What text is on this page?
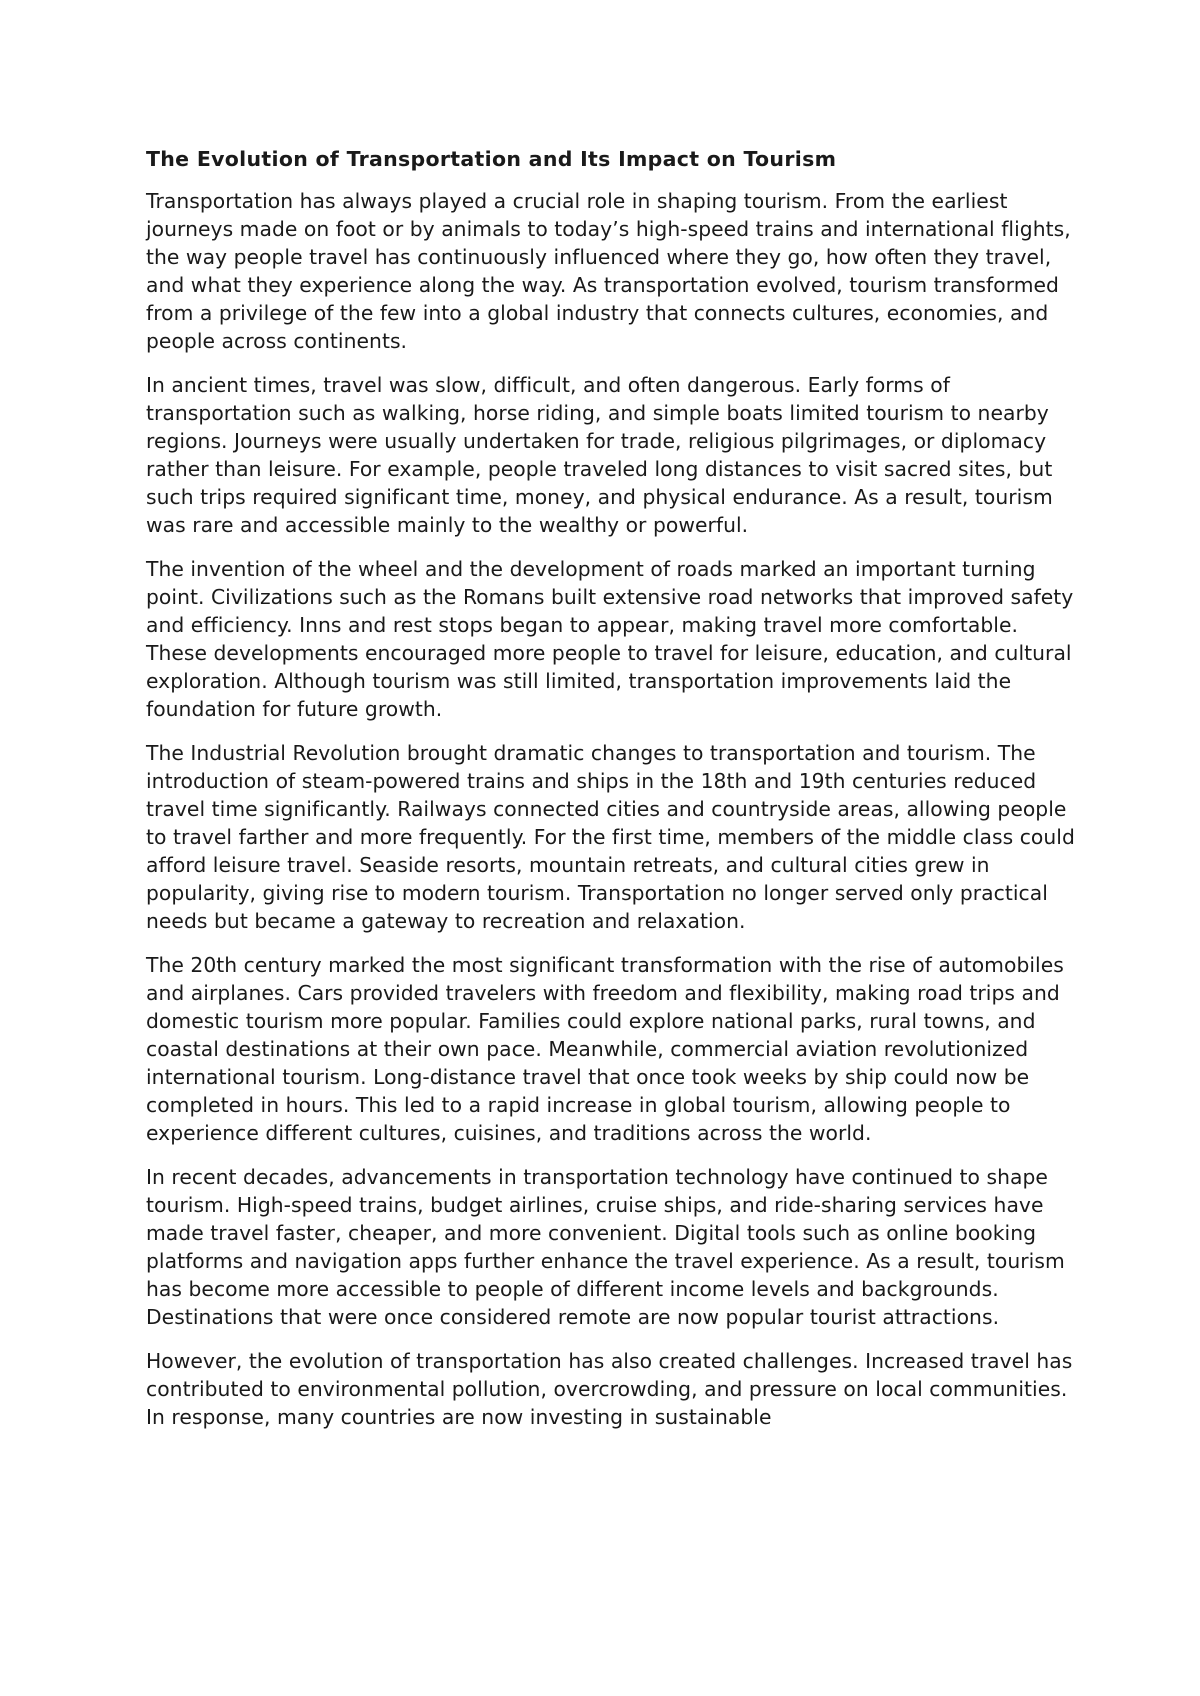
The Evolution of Transportation and Its Impact on Tourism

Transportation has always played a crucial role in shaping tourism. From the earliest journeys made on foot or by animals to today’s high-speed trains and international flights, the way people travel has continuously influenced where they go, how often they travel, and what they experience along the way. As transportation evolved, tourism transformed from a privilege of the few into a global industry that connects cultures, economies, and people across continents.

In ancient times, travel was slow, difficult, and often dangerous. Early forms of transportation such as walking, horse riding, and simple boats limited tourism to nearby regions. Journeys were usually undertaken for trade, religious pilgrimages, or diplomacy rather than leisure. For example, people traveled long distances to visit sacred sites, but such trips required significant time, money, and physical endurance. As a result, tourism was rare and accessible mainly to the wealthy or powerful.

The invention of the wheel and the development of roads marked an important turning point. Civilizations such as the Romans built extensive road networks that improved safety and efficiency. Inns and rest stops began to appear, making travel more comfortable. These developments encouraged more people to travel for leisure, education, and cultural exploration. Although tourism was still limited, transportation improvements laid the foundation for future growth.

The Industrial Revolution brought dramatic changes to transportation and tourism. The introduction of steam-powered trains and ships in the 18th and 19th centuries reduced travel time significantly. Railways connected cities and countryside areas, allowing people to travel farther and more frequently. For the first time, members of the middle class could afford leisure travel. Seaside resorts, mountain retreats, and cultural cities grew in popularity, giving rise to modern tourism. Transportation no longer served only practical needs but became a gateway to recreation and relaxation.

The 20th century marked the most significant transformation with the rise of automobiles and airplanes. Cars provided travelers with freedom and flexibility, making road trips and domestic tourism more popular. Families could explore national parks, rural towns, and coastal destinations at their own pace. Meanwhile, commercial aviation revolutionized international tourism. Long-distance travel that once took weeks by ship could now be completed in hours. This led to a rapid increase in global tourism, allowing people to experience different cultures, cuisines, and traditions across the world.

In recent decades, advancements in transportation technology have continued to shape tourism. High-speed trains, budget airlines, cruise ships, and ride-sharing services have made travel faster, cheaper, and more convenient. Digital tools such as online booking platforms and navigation apps further enhance the travel experience. As a result, tourism has become more accessible to people of different income levels and backgrounds. Destinations that were once considered remote are now popular tourist attractions.

However, the evolution of transportation has also created challenges. Increased travel has contributed to environmental pollution, overcrowding, and pressure on local communities. In response, many countries are now investing in sustainable
